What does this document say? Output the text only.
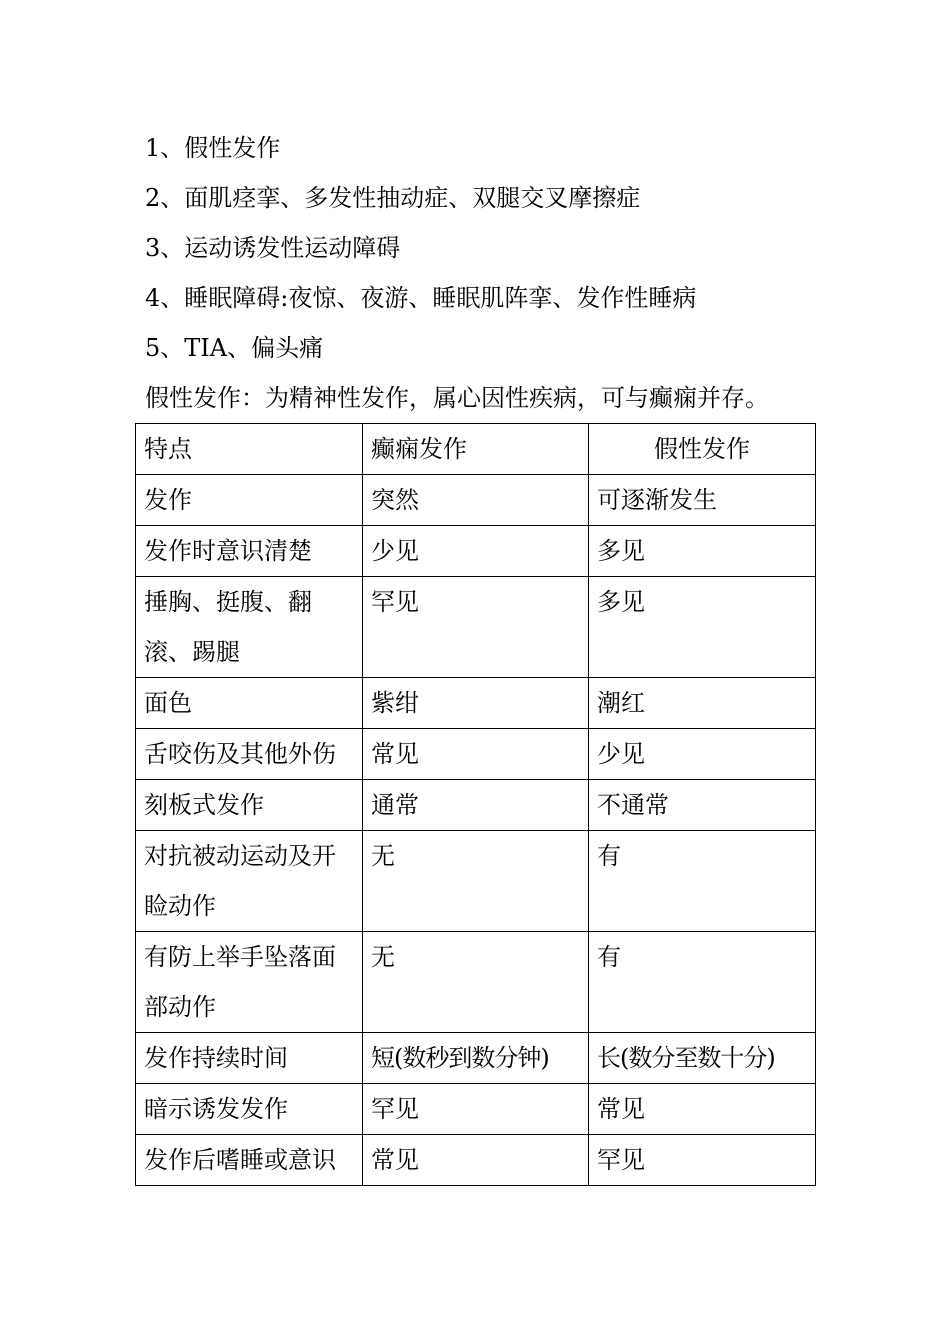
1、假性发作
2、面肌痉挛、多发性抽动症、双腿交叉摩擦症
3、运动诱发性运动障碍
4、睡眠障碍:夜惊、夜游、睡眠肌阵挛、发作性睡病
5、TIA、偏头痛
假性发作：为精神性发作，属心因性疾病，可与癫痫并存。
特点	癫痫发作	假性发作
发作	突然	可逐渐发生
发作时意识清楚	少见	多见
捶胸、挺腹、翻滚、踢腿	罕见	多见
面色	紫绀	潮红
舌咬伤及其他外伤	常见	少见
刻板式发作	通常	不通常
对抗被动运动及开睑动作	无	有
有防上举手坠落面部动作	无	有
发作持续时间	短(数秒到数分钟)	长(数分至数十分)
暗示诱发发作	罕见	常见
发作后嗜睡或意识	常见	罕见
